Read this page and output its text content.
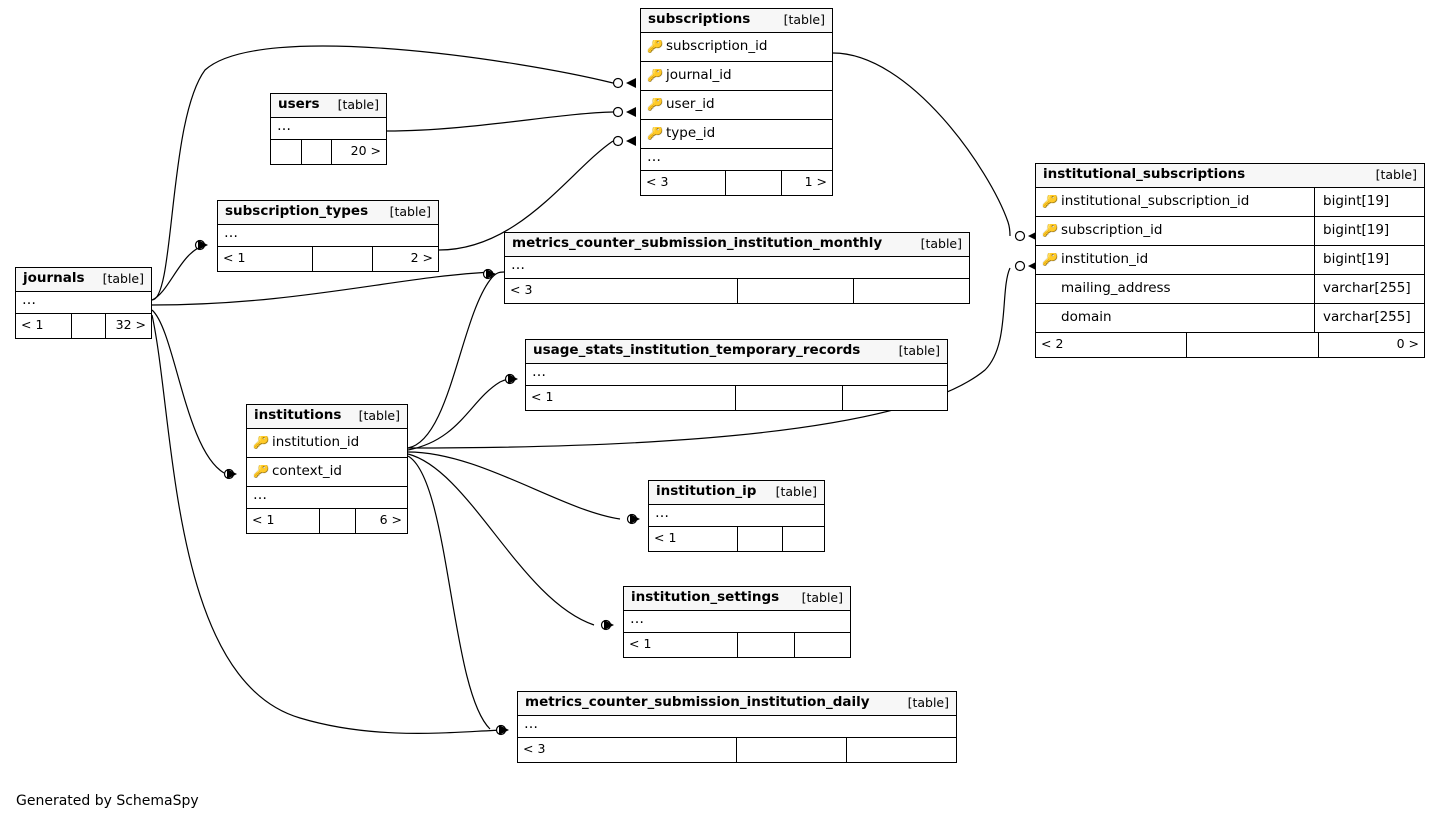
subscriptions	[table]
🔑 subscription_id
🔑 journal_id
🔑 user_id
🔑 type_id
…
< 3	1 >
users	[table]
…
20 >
subscription_types	[table]
…
< 1	2 >
journals	[table]
…
< 1	32 >
metrics_counter_submission_institution_monthly	[table]
…
< 3
usage_stats_institution_temporary_records	[table]
…
< 1
institutions	[table]
🔑 institution_id
🔑 context_id
…
< 1	6 >
institution_ip	[table]
…
< 1
institution_settings	[table]
…
< 1
metrics_counter_submission_institution_daily	[table]
…
< 3
institutional_subscriptions	[table]
🔑 institutional_subscription_id	bigint[19]
🔑 subscription_id	bigint[19]
🔑 institution_id	bigint[19]
mailing_address	varchar[255]
domain	varchar[255]
< 2	0 >
Generated by SchemaSpy
